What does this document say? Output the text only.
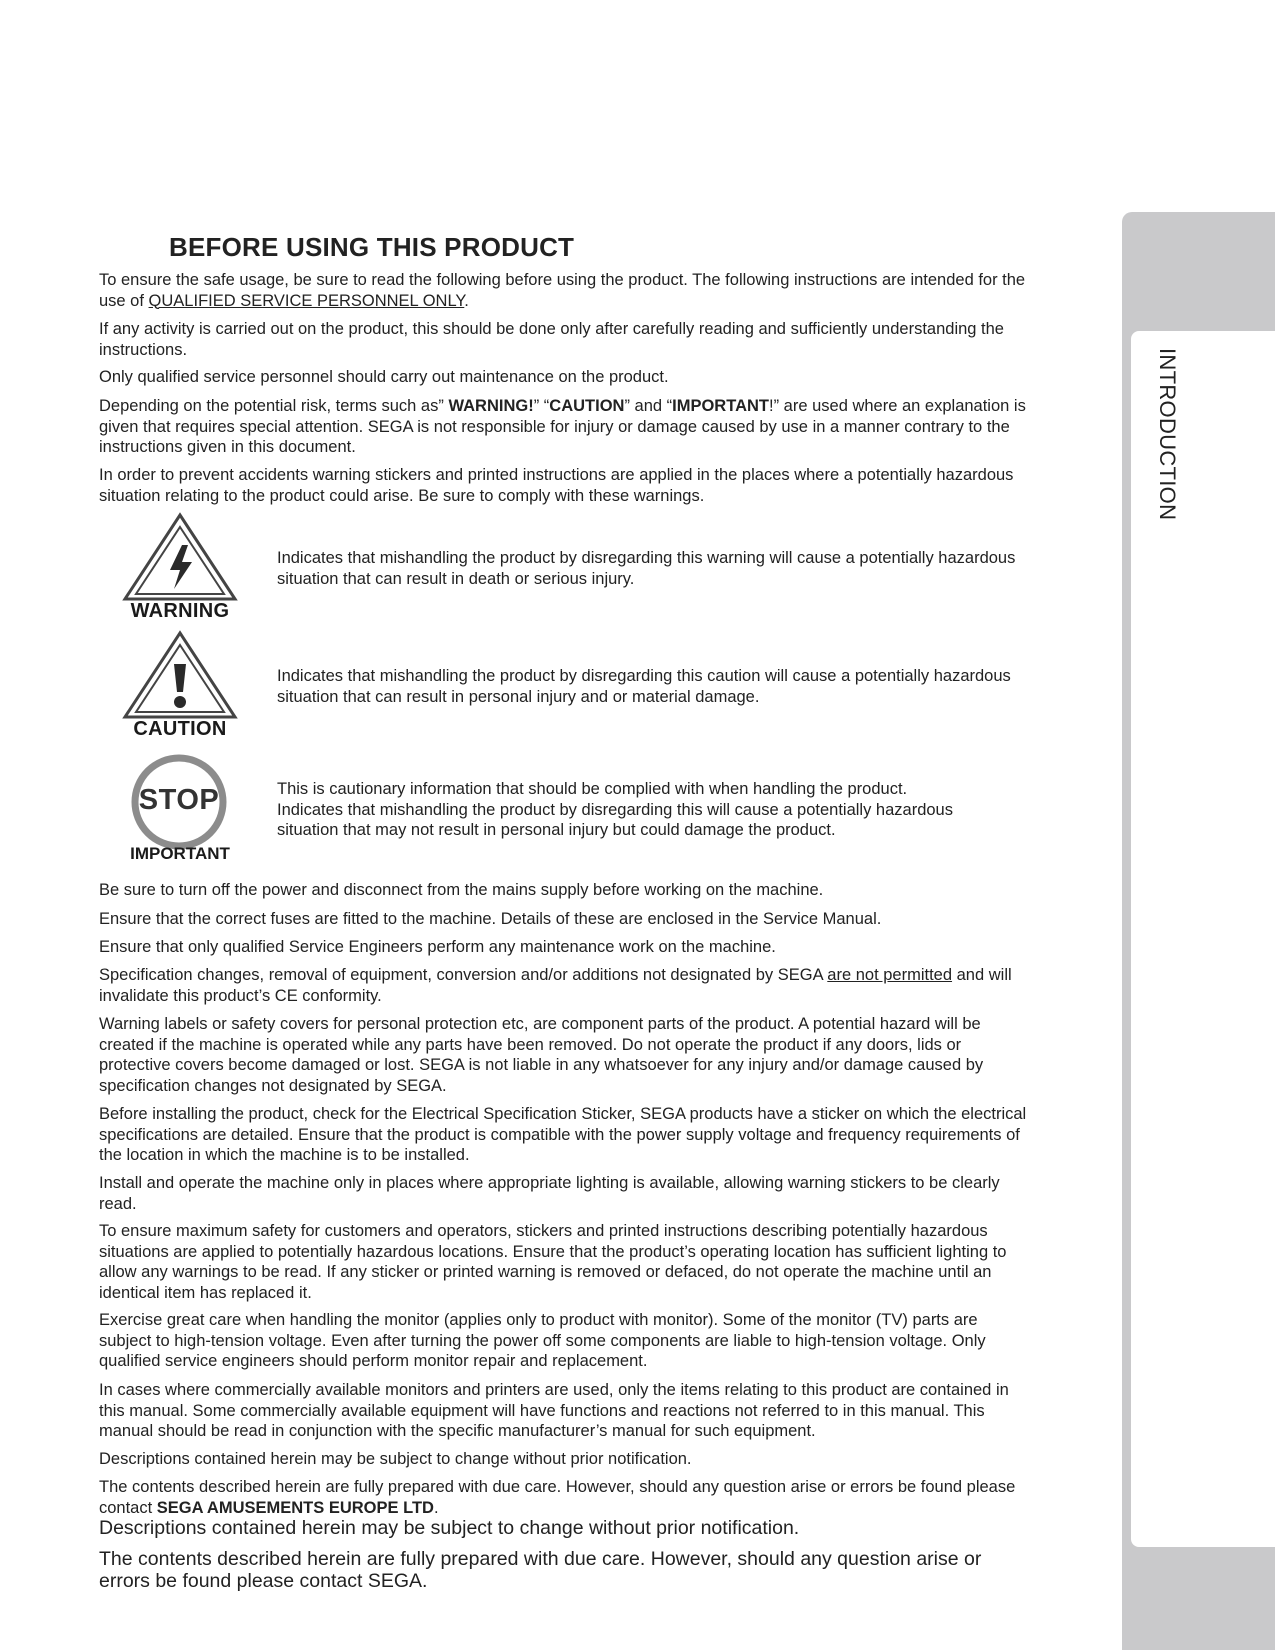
INTRODUCTION
BEFORE USING THIS PRODUCT

To ensure the safe usage, be sure to read the following before using the product. The following instructions are intended for the use of QUALIFIED SERVICE PERSONNEL ONLY.

If any activity is carried out on the product, this should be done only after carefully reading and sufficiently understanding the instructions.

Only qualified service personnel should carry out maintenance on the product.

Depending on the potential risk, terms such as” WARNING!” “CAUTION” and “IMPORTANT!” are used where an explanation is given that requires special attention. SEGA is not responsible for injury or damage caused by use in a manner contrary to the instructions given in this document.

In order to prevent accidents warning stickers and printed instructions are applied in the places where a potentially hazardous situation relating to the product could arise. Be sure to comply with these warnings.

WARNING

Indicates that mishandling the product by disregarding this warning will cause a potentially hazardous situation that can result in death or serious injury.

CAUTION

Indicates that mishandling the product by disregarding this caution will cause a potentially hazardous situation that can result in personal injury and or material damage.

STOP
IMPORTANT

This is cautionary information that should be complied with when handling the product.
Indicates that mishandling the product by disregarding this will cause a potentially hazardous situation that may not result in personal injury but could damage the product.

Be sure to turn off the power and disconnect from the mains supply before working on the machine.

Ensure that the correct fuses are fitted to the machine. Details of these are enclosed in the Service Manual.

Ensure that only qualified Service Engineers perform any maintenance work on the machine.

Specification changes, removal of equipment, conversion and/or additions not designated by SEGA are not permitted and will invalidate this product’s CE conformity.

Warning labels or safety covers for personal protection etc, are component parts of the product. A potential hazard will be created if the machine is operated while any parts have been removed. Do not operate the product if any doors, lids or protective covers become damaged or lost. SEGA is not liable in any whatsoever for any injury and/or damage caused by specification changes not designated by SEGA.

Before installing the product, check for the Electrical Specification Sticker, SEGA products have a sticker on which the electrical specifications are detailed. Ensure that the product is compatible with the power supply voltage and frequency requirements of the location in which the machine is to be installed.

Install and operate the machine only in places where appropriate lighting is available, allowing warning stickers to be clearly read.

To ensure maximum safety for customers and operators, stickers and printed instructions describing potentially hazardous situations are applied to potentially hazardous locations. Ensure that the product’s operating location has sufficient lighting to allow any warnings to be read. If any sticker or printed warning is removed or defaced, do not operate the machine until an identical item has replaced it.

Exercise great care when handling the monitor (applies only to product with monitor). Some of the monitor (TV) parts are subject to high-tension voltage. Even after turning the power off some components are liable to high-tension voltage. Only qualified service engineers should perform monitor repair and replacement.

In cases where commercially available monitors and printers are used, only the items relating to this product are contained in this manual. Some commercially available equipment will have functions and reactions not referred to in this manual. This manual should be read in conjunction with the specific manufacturer’s manual for such equipment.

Descriptions contained herein may be subject to change without prior notification.

The contents described herein are fully prepared with due care. However, should any question arise or errors be found please contact SEGA AMUSEMENTS EUROPE LTD.

Descriptions contained herein may be subject to change without prior notification.

The contents described herein are fully prepared with due care. However, should any question arise or errors be found please contact SEGA.
